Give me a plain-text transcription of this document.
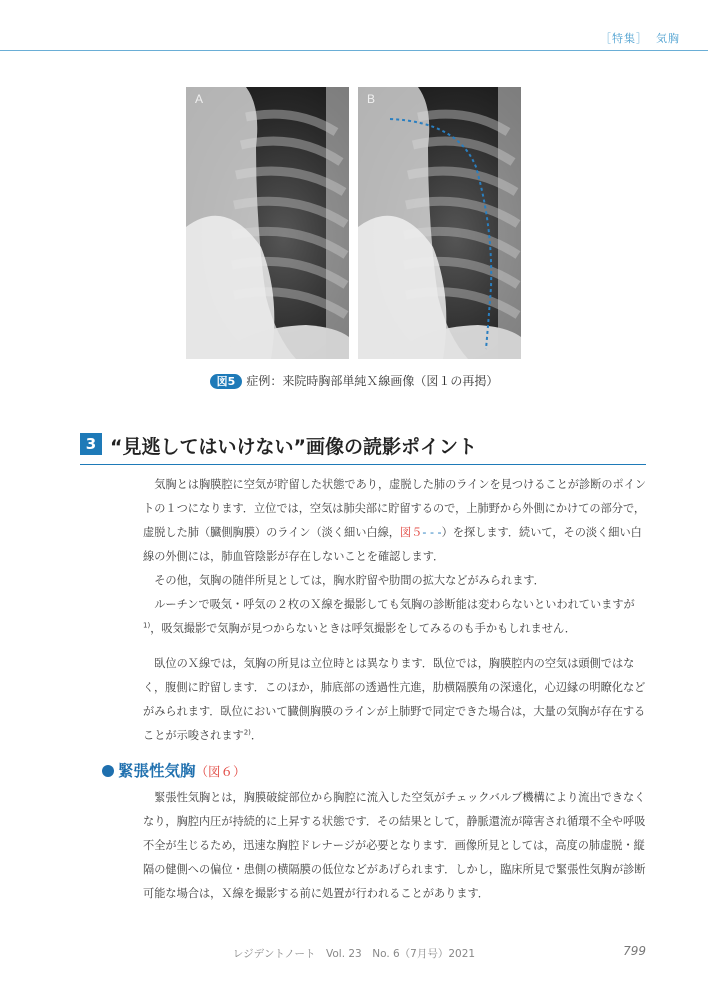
［特集］ 気胸
A	B
図5 症例：来院時胸部単純Ｘ線画像（図１の再掲）
3 “見逃してはいけない”画像の読影ポイント

気胸とは胸膜腔に空気が貯留した状態であり，虚脱した肺のラインを見つけることが診断のポイントの１つになります．立位では，空気は肺尖部に貯留するので，上肺野から外側にかけての部分で，虚脱した肺（臓側胸膜）のライン（淡く細い白線，図５- - -）を探します．続いて，その淡く細い白線の外側には，肺血管陰影が存在しないことを確認します．

その他，気胸の随伴所見としては，胸水貯留や肋間の拡大などがみられます．

ルーチンで吸気・呼気の２枚のＸ線を撮影しても気胸の診断能は変わらないといわれていますが$^{1)}$，吸気撮影で気胸が見つからないときは呼気撮影をしてみるのも手かもしれません．

臥位のＸ線では，気胸の所見は立位時とは異なります．臥位では，胸膜腔内の空気は頭側ではなく，腹側に貯留します．このほか，肺底部の透過性亢進，肋横隔膜角の深遠化，心辺縁の明瞭化などがみられます．臥位において臓側胸膜のラインが上肺野で同定できた場合は，大量の気胸が存在することが示唆されます$^{2)}$．

緊張性気胸（図６）

緊張性気胸とは，胸膜破綻部位から胸腔に流入した空気がチェックバルブ機構により流出できなくなり，胸腔内圧が持続的に上昇する状態です．その結果として，静脈還流が障害され循環不全や呼吸不全が生じるため，迅速な胸腔ドレナージが必要となります．画像所見としては，高度の肺虚脱・縦隔の健側への偏位・患側の横隔膜の低位などがあげられます．しかし，臨床所見で緊張性気胸が診断可能な場合は，Ｘ線を撮影する前に処置が行われることがあります．

レジデントノート　Vol. 23　No. 6（7月号）2021	799
